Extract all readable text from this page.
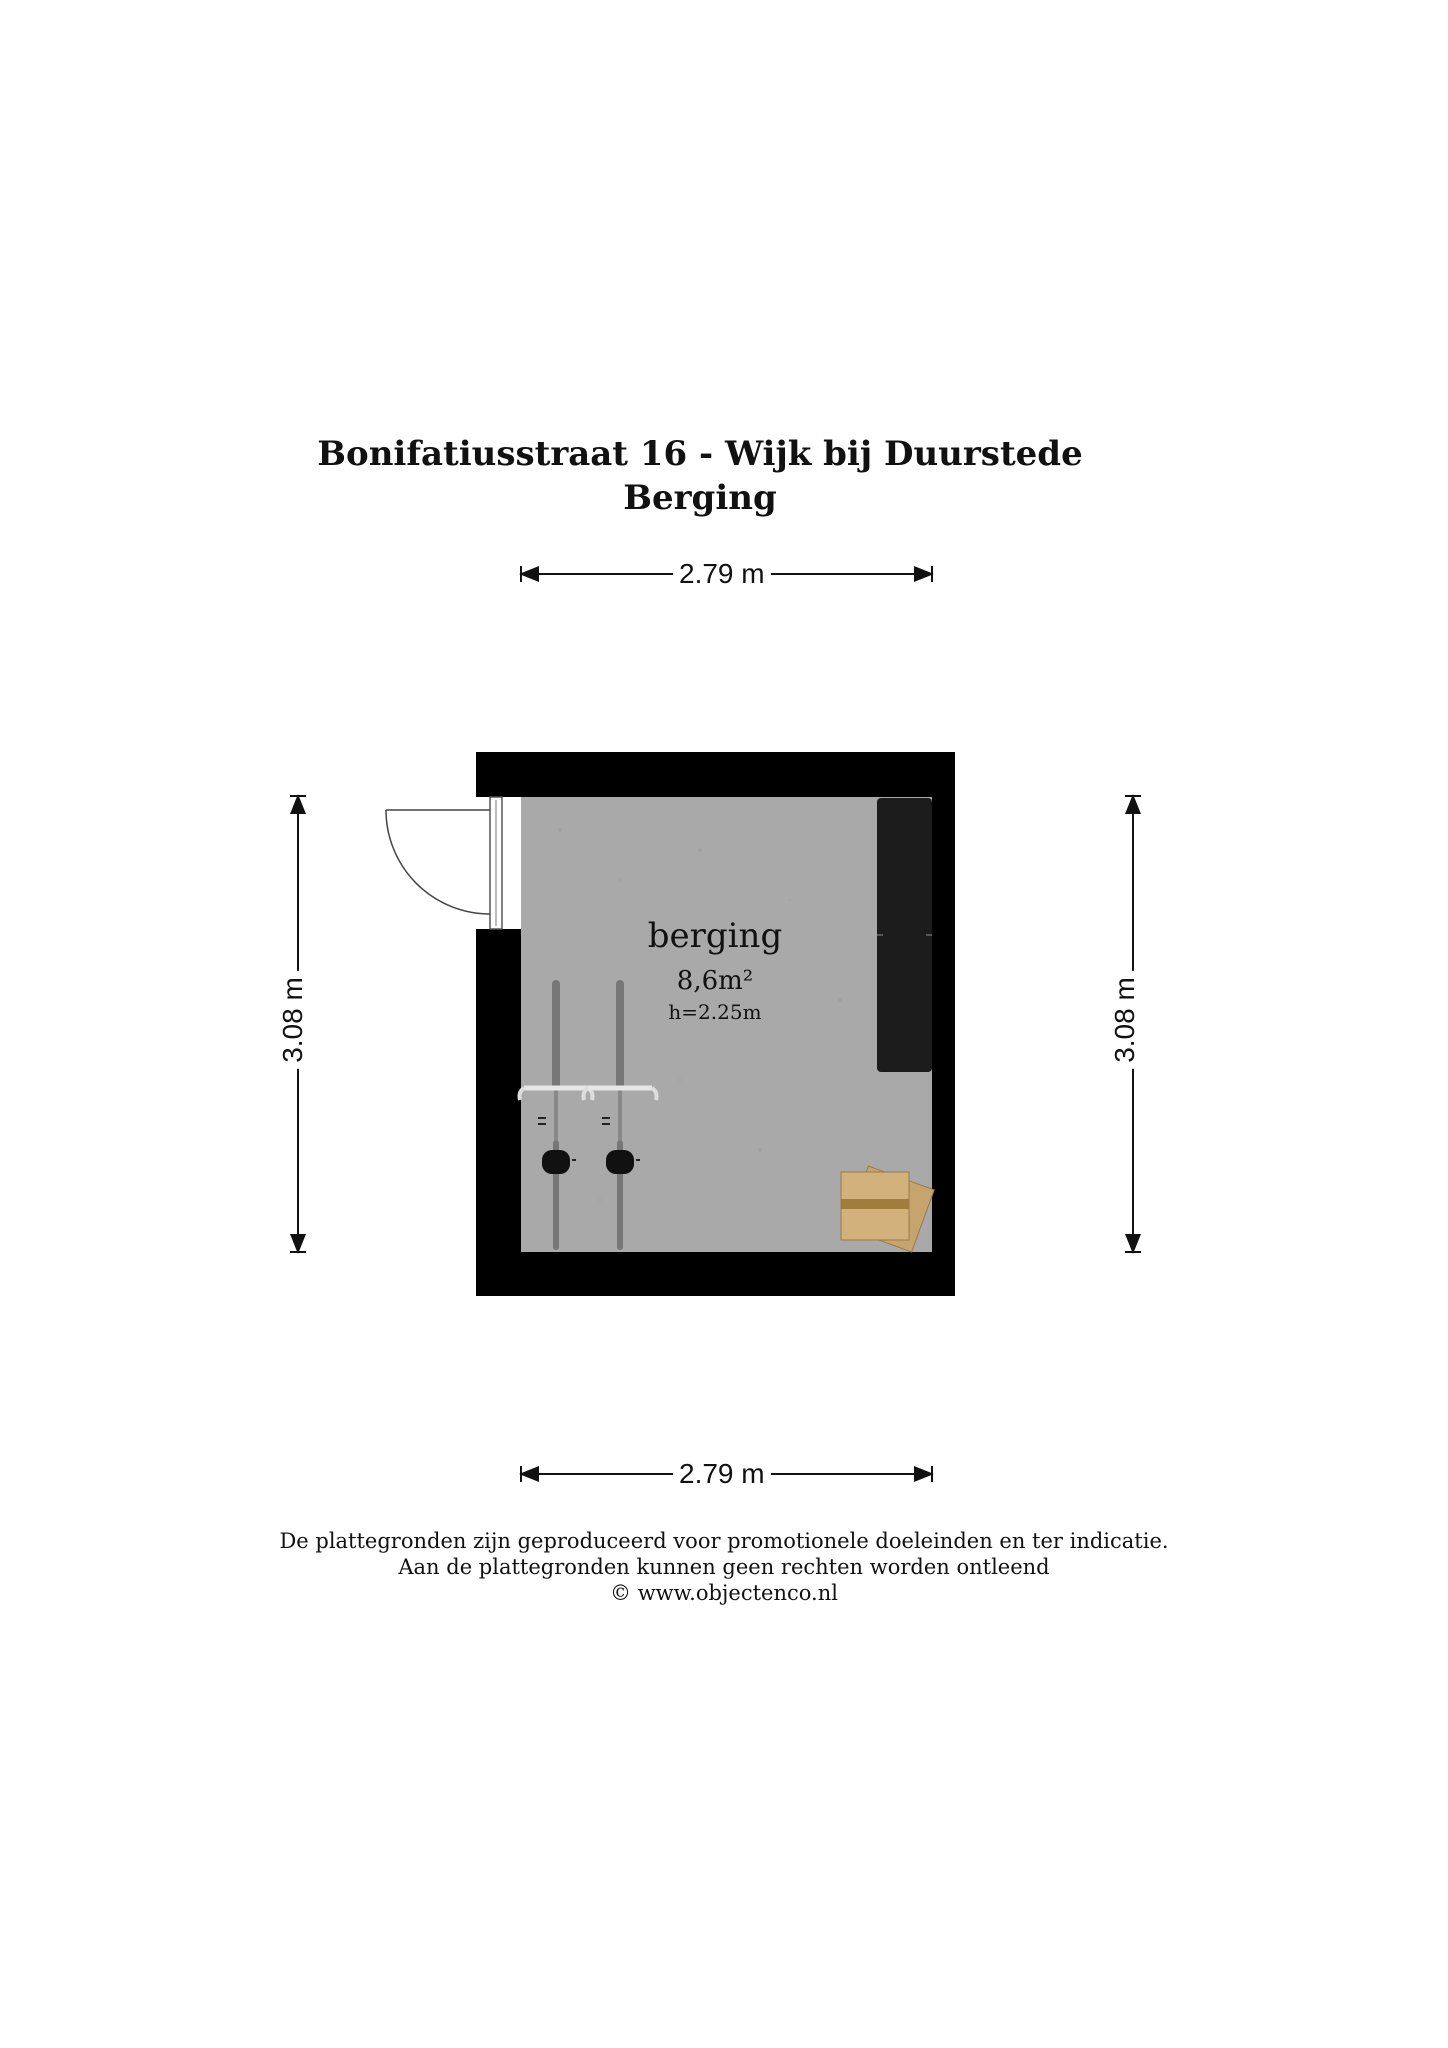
Bonifatiusstraat 16 - Wijk bij Duurstede
Berging
2.79 m
2.79 m
3.08 m	3.08 m
berging
8,6m²
h=2.25m

De plattegronden zijn geproduceerd voor promotionele doeleinden en ter indicatie.

Aan de plattegronden kunnen geen rechten worden ontleend

© www.objectenco.nl
